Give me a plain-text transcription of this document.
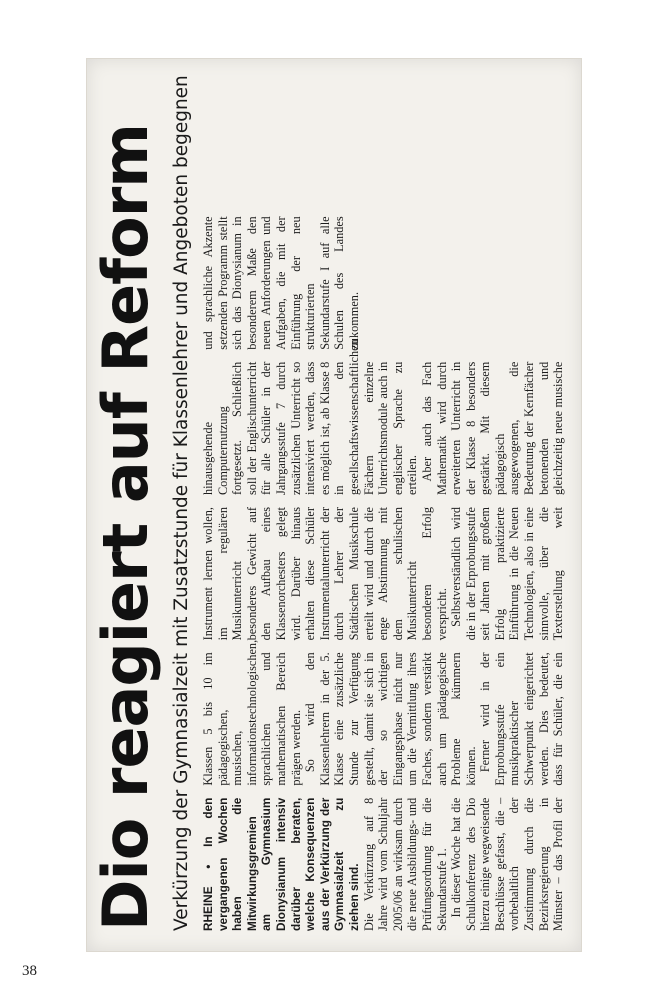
Dio reagiert auf Reform Verkürzung der Gymnasialzeit mit Zusatzstunde für Klassenlehrer und Angeboten begegnen RHEINE • In den vergangenen Wochen haben die Mitwirkungsgremien am Gymnasium Dionysianum intensiv darüber beraten, welche Konsequenzen aus der Verkürzung der Gymnasialzeit zu ziehen sind. Die Verkürzung auf 8 Jahre wird vom Schuljahr 2005/06 an wirksam durch die neue Ausbildungs- und Prüfungsordnung für die Sekundarstufe 1. In dieser Woche hat die Schulkonferenz des Dio hierzu einige wegweisende Beschlüsse gefasst, die – vorbehaltlich der Zustimmung durch die Bezirksregierung in Münster – das Profil der Klassen 5 bis 10 im pädagogischen, musischen, informationstechnologischen, sprachlichen und mathematischen Bereich prägen werden. So wird den Klassenlehrern in der 5. Klasse eine zusätzliche Stunde zur Verfügung gestellt, damit sie sich in der so wichtigen Eingangsphase nicht nur um die Vermittlung ihres Faches, sondern verstärkt auch um pädagogische Probleme kümmern können. Ferner wird in der Erprobungsstufe ein musikpraktischer Schwerpunkt eingerichtet werden. Dies bedeutet, dass für Schüler, die ein Instrument lernen wollen, im regulären Musikunterricht besonderes Gewicht auf den Aufbau eines Klassenorchesters gelegt wird. Darüber hinaus erhalten diese Schüler Instrumentalunterricht der durch Lehrer der Städtischen Musikschule erteilt wird und durch die enge Abstimmung mit dem schulischen Musikunterricht besonderen Erfolg verspricht. Selbstverständlich wird die in der Erprobungsstufe seit Jahren mit großem Erfolg praktizierte Einführung in die Neuen Technologien, also in eine sinnvolle, über die Texterstellung weit hinausgehende Computernutzung fortgesetzt. Schließlich soll der Englischunterricht für alle Schüler in der Jahrgangsstufe 7 durch zusätzlichen Unterricht so intensiviert werden, dass es möglich ist, ab Klasse 8 in den gesellschaftswissenschaftlichen Fächern einzelne Unterrichtsmodule auch in englischer Sprache zu erteilen. Aber auch das Fach Mathematik wird durch erweiterten Unterricht in der Klasse 8 besonders gestärkt. Mit diesem pädagogisch ausgewogenen, die Bedeutung der Kernfächer betonenden und gleichzeitig neue musische und sprachliche Akzente setzenden Programm stellt sich das Dionysianum in besonderem Maße den neuen Anforderungen und Aufgaben, die mit der Einführung der neu strukturierten Sekundarstufe I auf alle Schulen des Landes zukommen.

38
